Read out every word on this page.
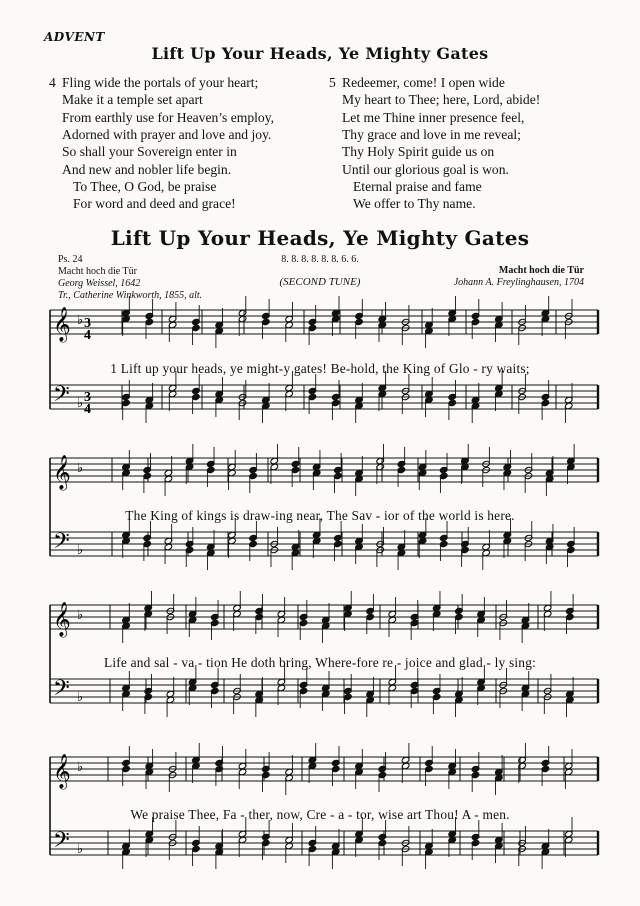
ADVENT
Lift Up Your Heads, Ye Mighty Gates
4 Fling wide the portals of your heart;
Make it a temple set apart
From earthly use for Heaven’s employ,
Adorned with prayer and love and joy.
So shall your Sovereign enter in
And new and nobler life begin.
To Thee, O God, be praise
For word and deed and grace!
5 Redeemer, come! I open wide
My heart to Thee; here, Lord, abide!
Let me Thine inner presence feel,
Thy grace and love in me reveal;
Thy Holy Spirit guide us on
Until our glorious goal is won.
Eternal praise and fame
We offer to Thy name.
Lift Up Your Heads, Ye Mighty Gates
Ps. 24
Macht hoch die Tür
Georg Weissel, 1642
Tr., Catherine Winkworth, 1855, alt.
8. 8. 8. 8. 8. 8. 6. 6.
(SECOND TUNE)
Macht hoch die Tür
Johann A. Freylinghausen, 1704
𝄞 ♭
𝄢 ♭
𝄞 ♭
𝄢 ♭
𝄞 ♭
𝄢 ♭
𝄞 ♭
𝄢 ♭
3
4
3
4
1 Lift up your heads, ye might-y gates! Be-hold, the King of Glo - ry waits;
The King of kings is draw-ing near, The Sav - ior of the world is here.
Life and sal - va - tion He doth bring, Where-fore re - joice and glad - ly sing:
We praise Thee, Fa - ther, now, Cre - a - tor, wise art Thou! A - men.
